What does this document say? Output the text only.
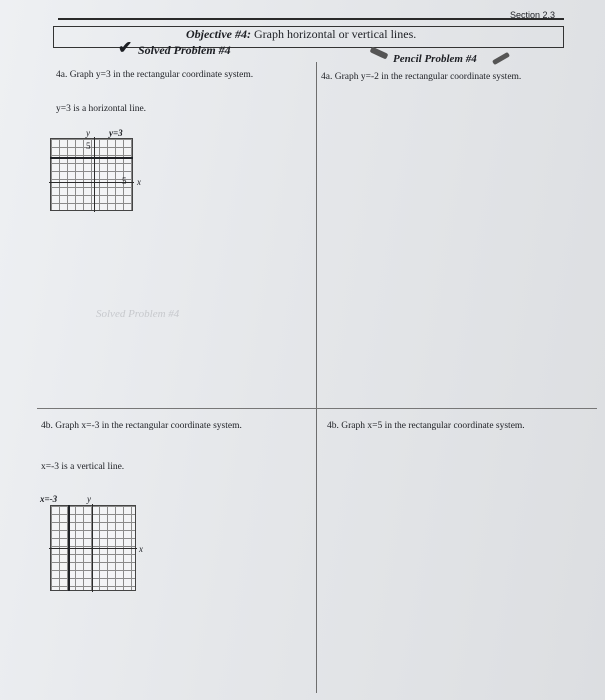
Section 2.3
Objective #4: Graph horizontal or vertical lines.
✔ Solved Problem #4
Pencil Problem #4
4a. Graph y=3 in the rectangular coordinate system.	4a. Graph y=-2 in the rectangular coordinate system.
y=3 is a horizontal line.
y y=3
5
5 x
Solved Problem #4
4b. Graph x=-3 in the rectangular coordinate system.	4b. Graph x=5 in the rectangular coordinate system.
x=-3 is a vertical line.
x=-3	y
x
